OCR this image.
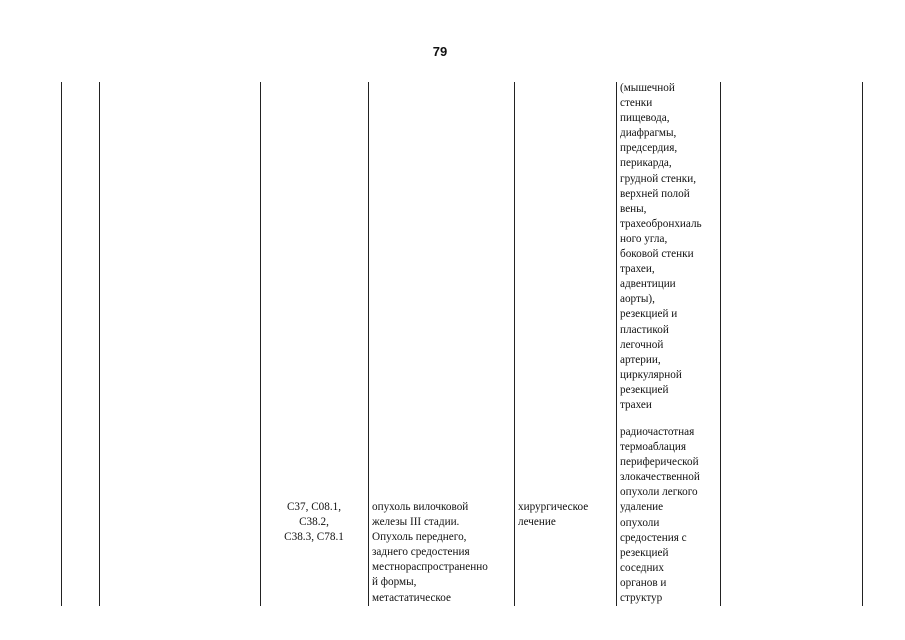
79
C37, C08.1,
C38.2,
C38.3, C78.1
опухоль вилочковой
железы III стадии.
Опухоль переднего,
заднего средостения
местнораспространенно
й формы,
метастатическое
хирургическое
лечение
(мышечной
стенки
пищевода,
диафрагмы,
предсердия,
перикарда,
грудной стенки,
верхней полой
вены,
трахеобронхиаль
ного угла,
боковой стенки
трахеи,
адвентиции
аорты),
резекцией и
пластикой
легочной
артерии,
циркулярной
резекцией
трахеи
радиочастотная
термоаблация
периферической
злокачественной
опухоли легкого
удаление
опухоли
средостения с
резекцией
соседних
органов и
структур
